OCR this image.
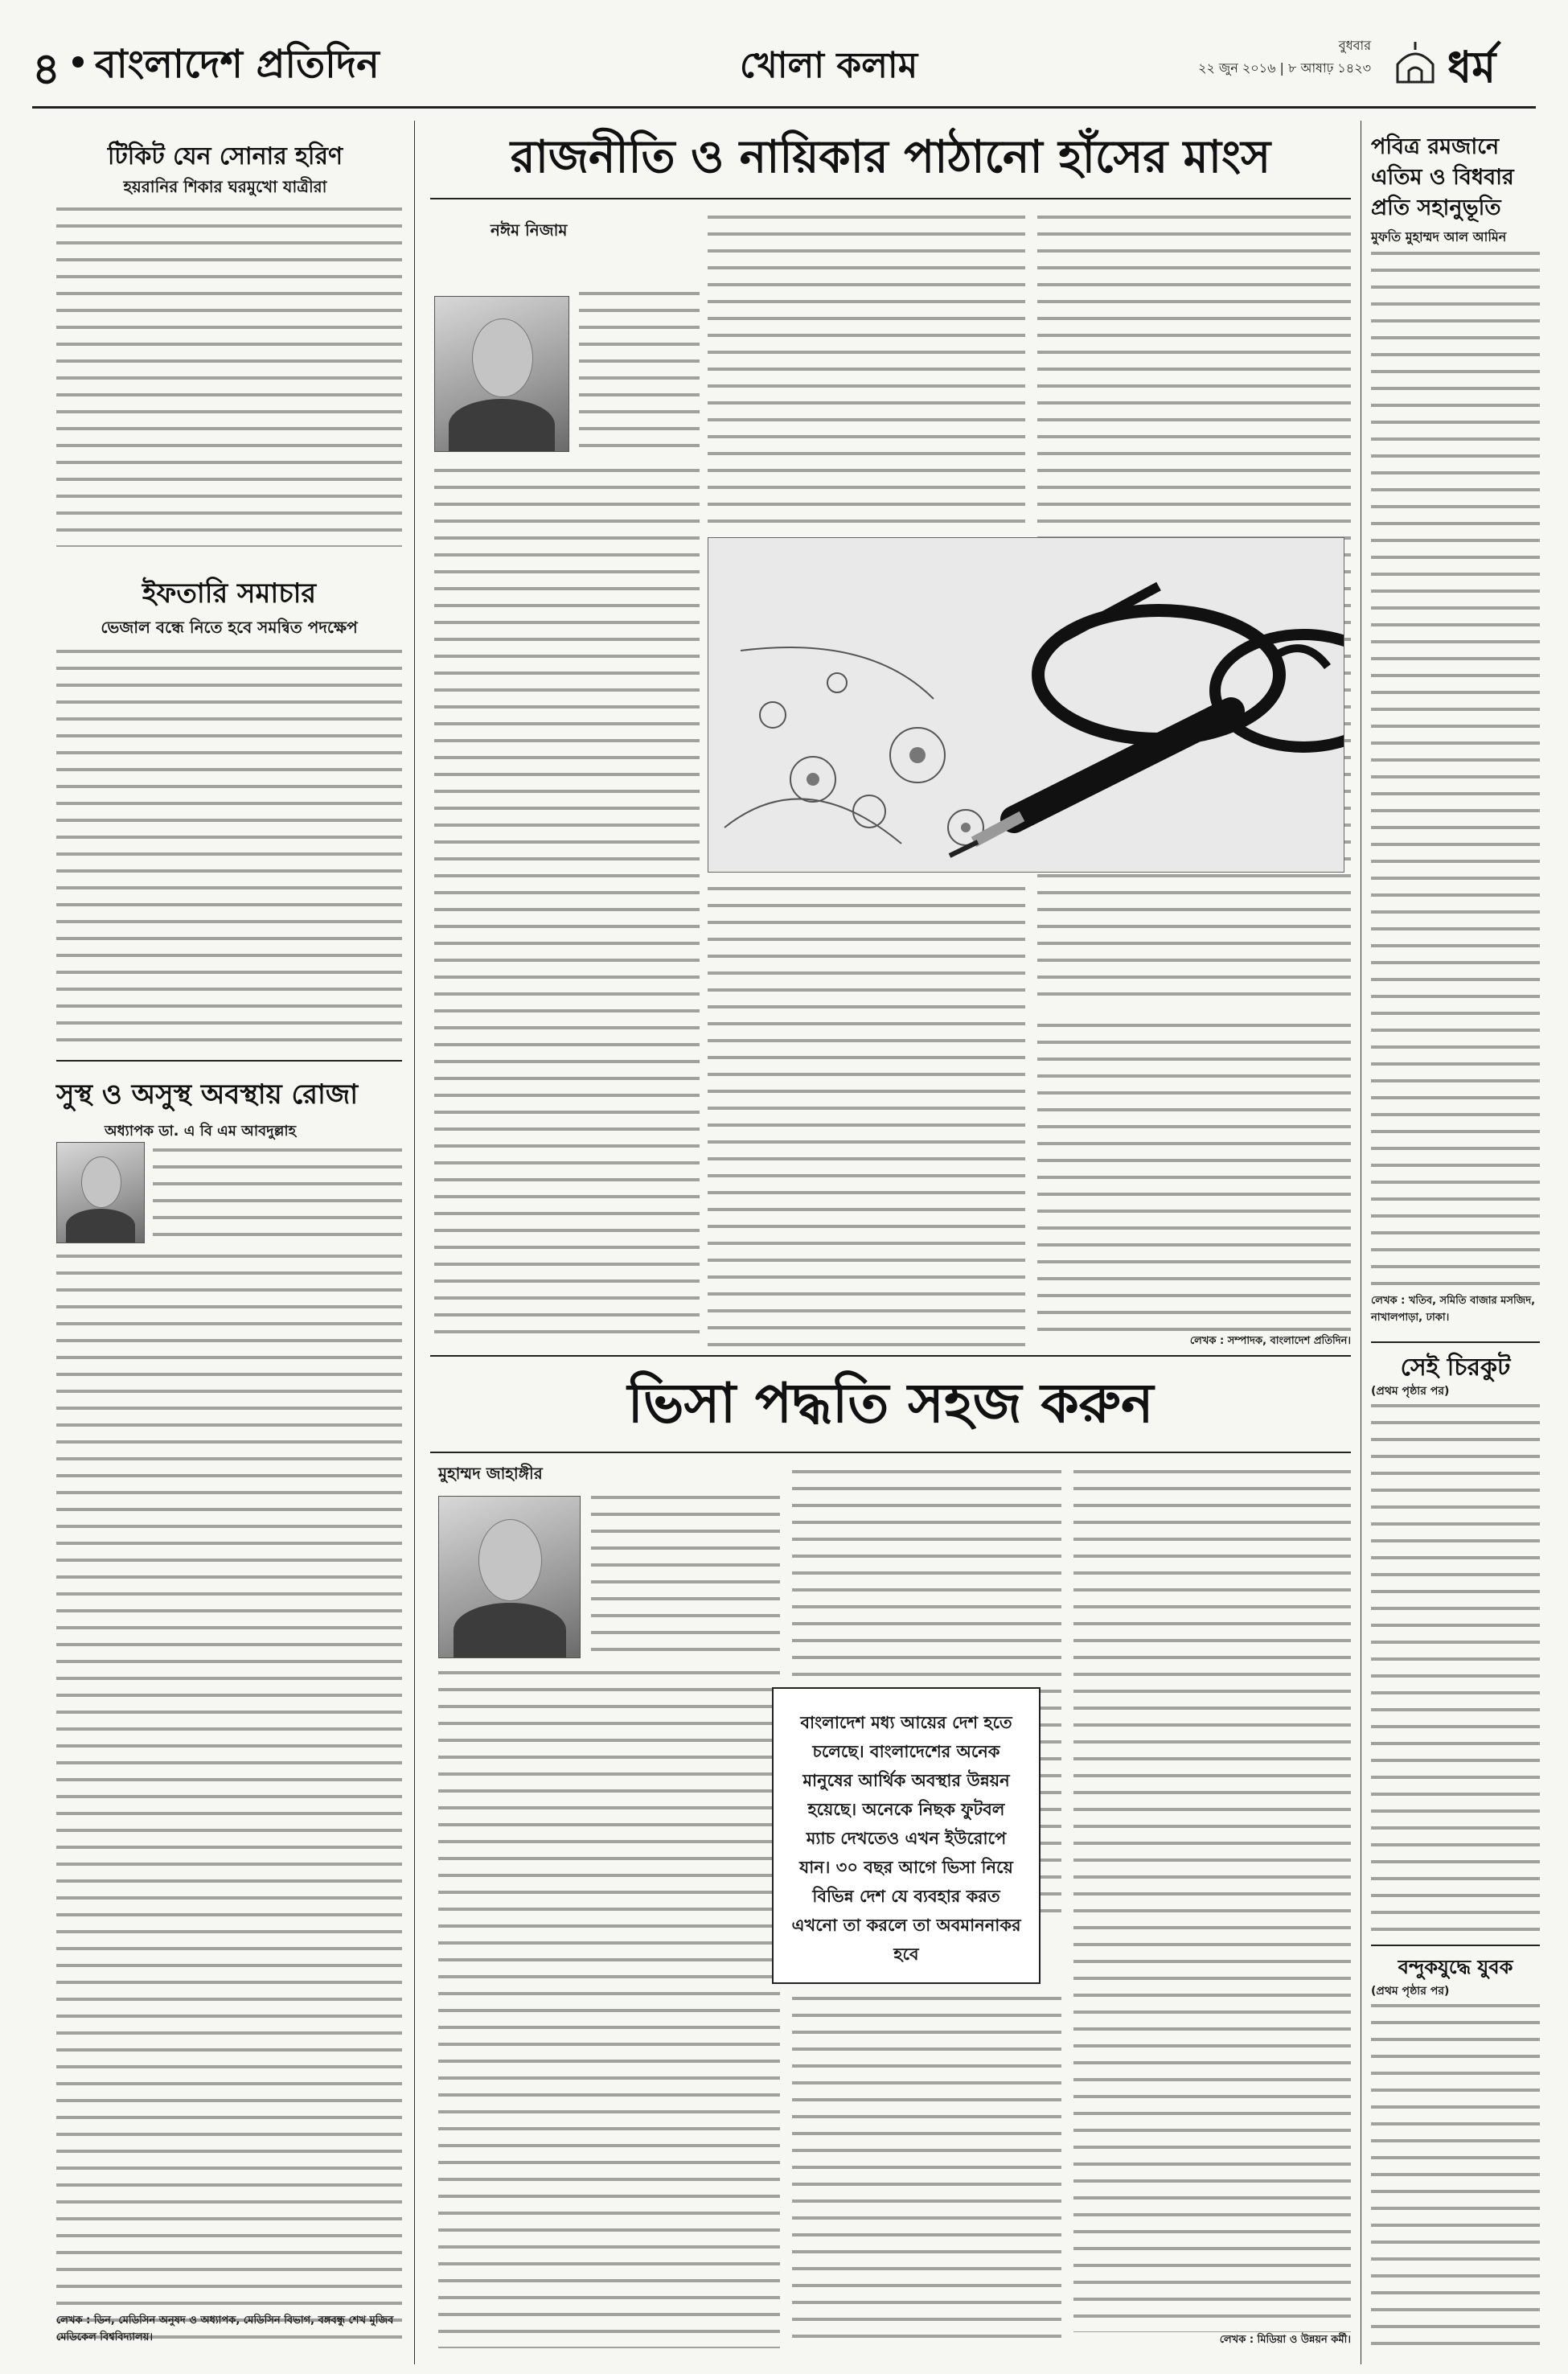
৪ বাংলাদেশ প্রতিদিন	খোলা কলাম	বুধবার
২২ জুন ২০১৬ | ৮ আষাঢ় ১৪২৩ ধর্ম
টিকিট যেন সোনার হরিণ
হয়রানির শিকার ঘরমুখো যাত্রীরা
ইফতারি সমাচার
ভেজাল বন্ধে নিতে হবে সমন্বিত পদক্ষেপ
সুস্থ ও অসুস্থ অবস্থায় রোজা
অধ্যাপক ডা. এ বি এম আবদুল্লাহ
লেখক : ডিন, মেডিসিন অনুষদ ও অধ্যাপক, মেডিসিন বিভাগ, বঙ্গবন্ধু শেখ মুজিব মেডিকেল বিশ্ববিদ্যালয়।
রাজনীতি ও নায়িকার পাঠানো হাঁসের মাংস
নঈম নিজাম
লেখক : সম্পাদক, বাংলাদেশ প্রতিদিন।
ভিসা পদ্ধতি সহজ করুন
মুহাম্মদ জাহাঙ্গীর
বাংলাদেশ মধ্য আয়ের দেশ হতে চলেছে। বাংলাদেশের অনেক মানুষের আর্থিক অবস্থার উন্নয়ন হয়েছে। অনেকে নিছক ফুটবল ম্যাচ দেখতেও এখন ইউরোপে যান। ৩০ বছর আগে ভিসা নিয়ে বিভিন্ন দেশ যে ব্যবহার করত এখনো তা করলে তা অবমাননাকর হবে
লেখক : মিডিয়া ও উন্নয়ন কর্মী।
পবিত্র রমজানে
এতিম ও বিধবার
প্রতি সহানুভূতি
মুফতি মুহাম্মদ আল আমিন
লেখক : খতিব, সমিতি বাজার মসজিদ, নাখালপাড়া, ঢাকা।
সেই চিরকুট
(প্রথম পৃষ্ঠার পর)
বন্দুকযুদ্ধে যুবক
(প্রথম পৃষ্ঠার পর)
